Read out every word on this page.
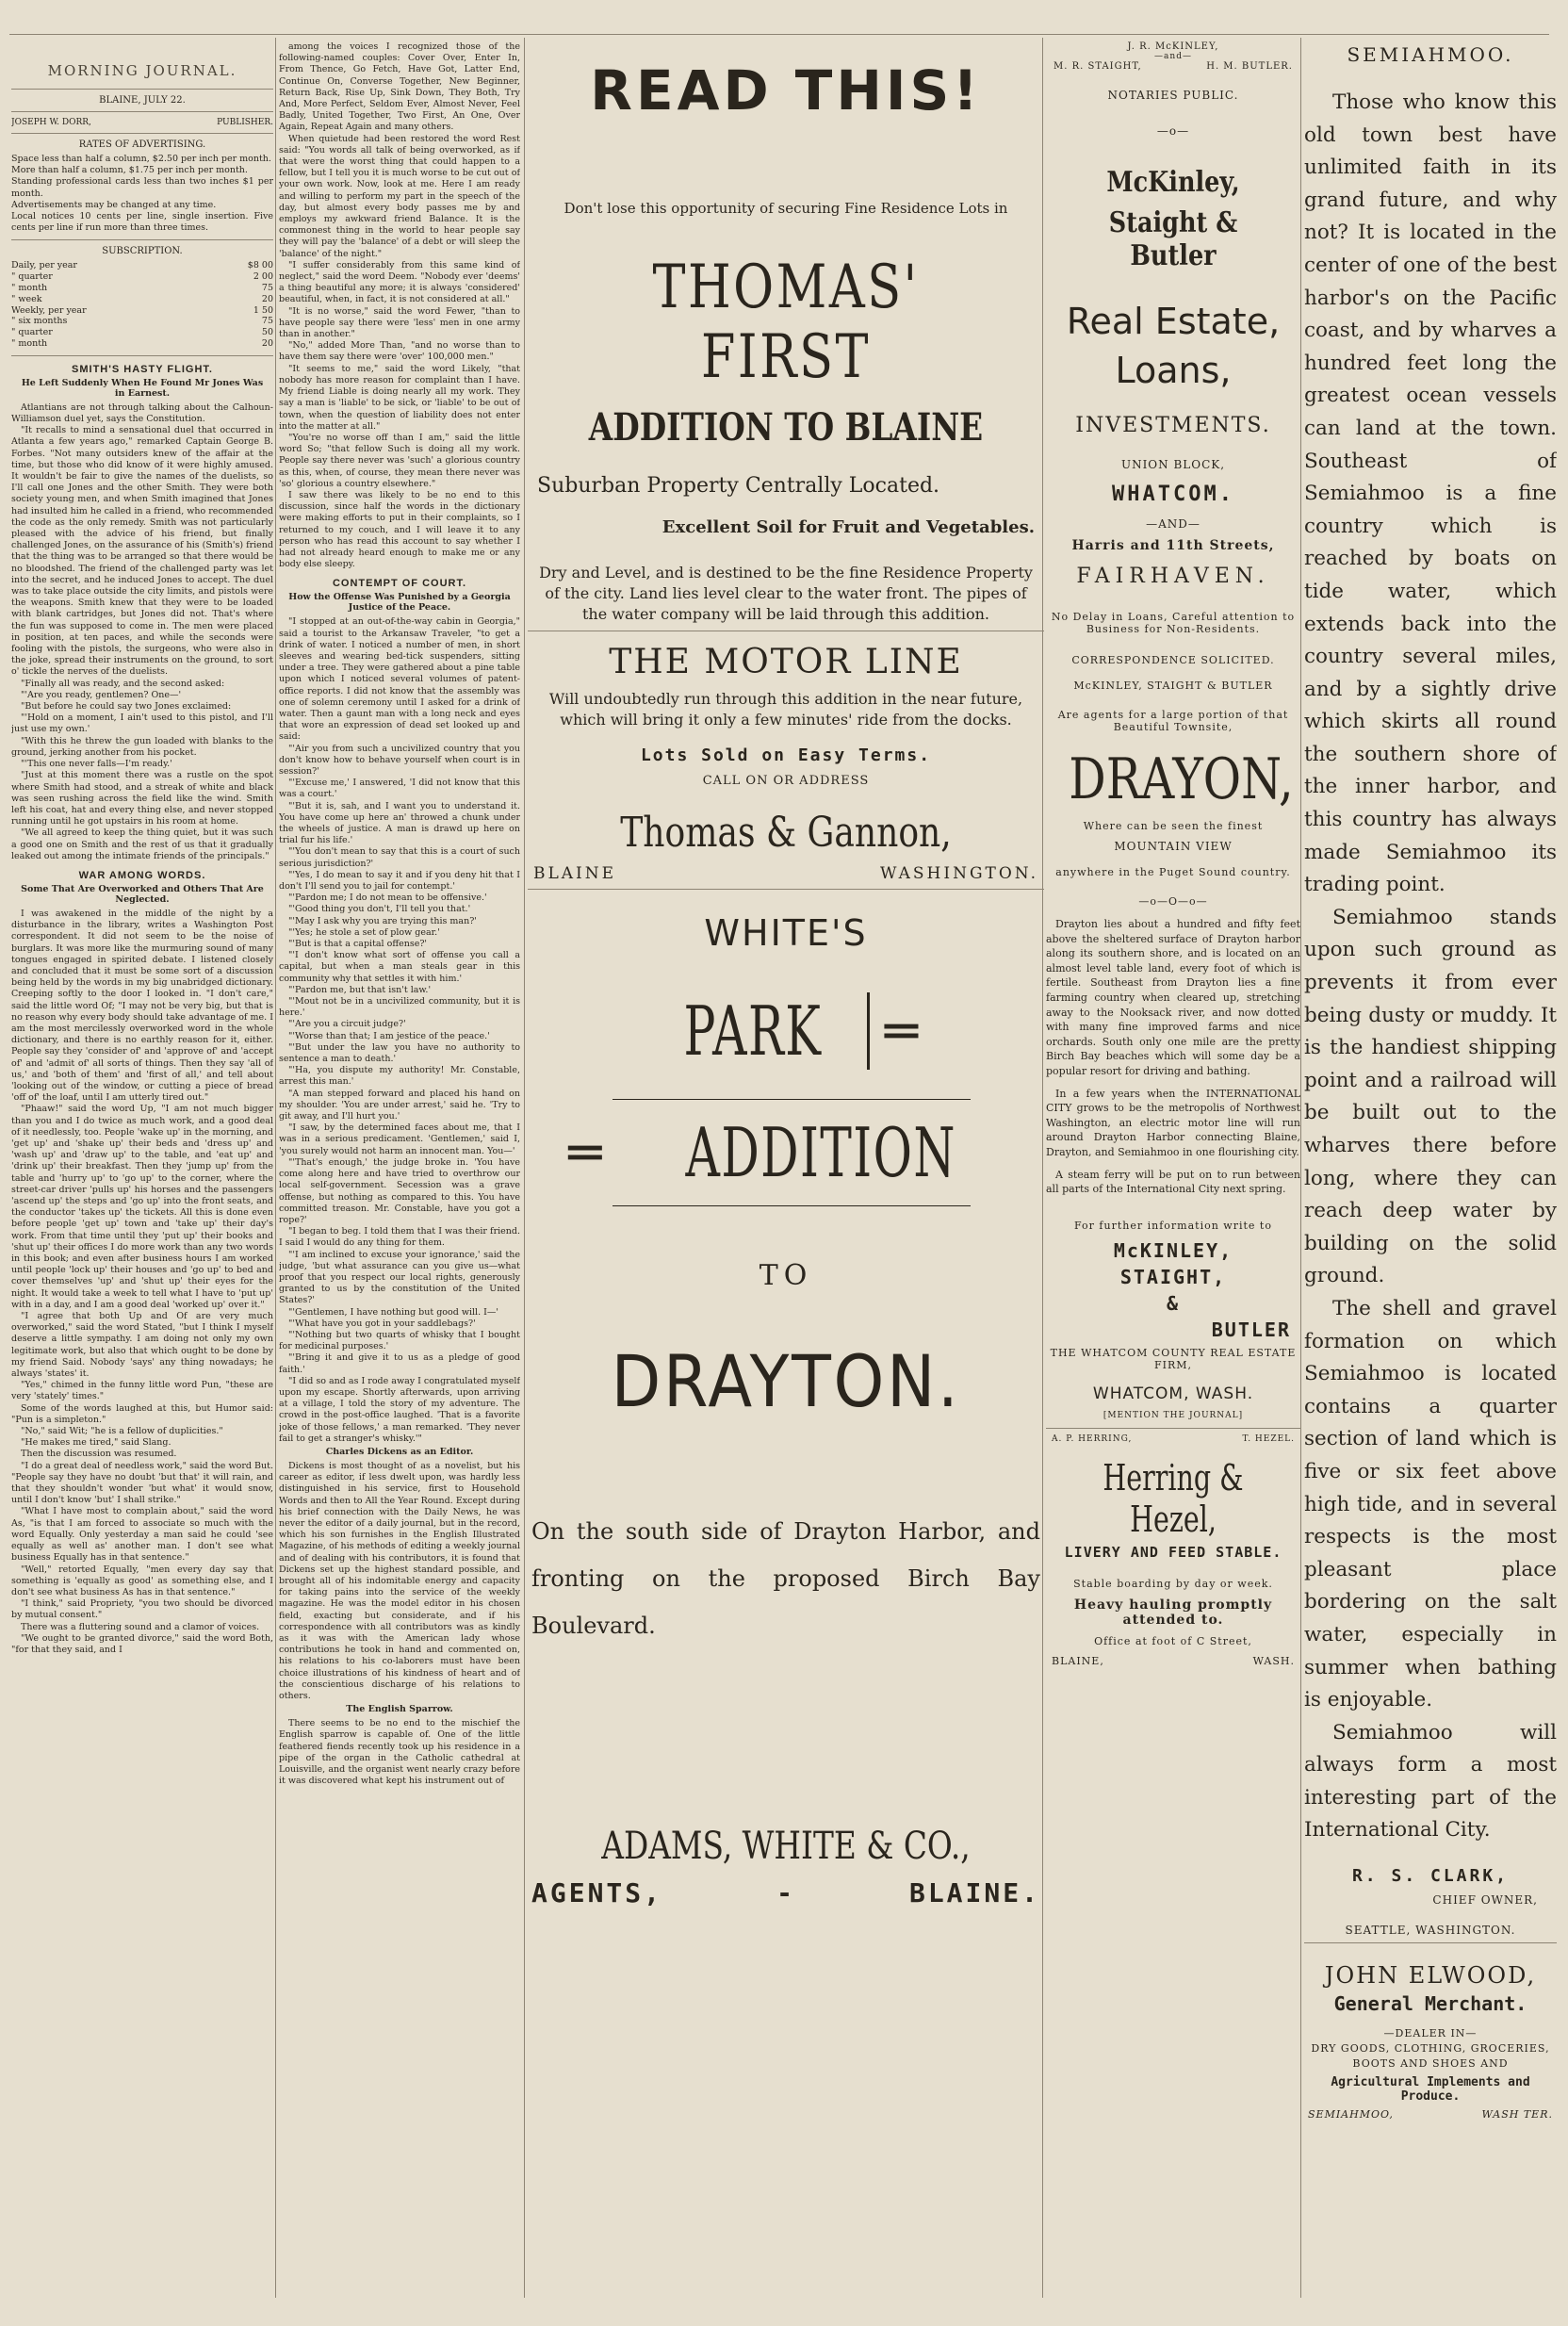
MORNING JOURNAL.
BLAINE, JULY 22.
JOSEPH W. DORR,	PUBLISHER.
RATES OF ADVERTISING.

Space less than half a column, $2.50 per inch per month.

More than half a column, $1.75 per inch per month.

Standing professional cards less than two inches $1 per month.

Advertisements may be changed at any time.

Local notices 10 cents per line, single insertion. Five cents per line if run more than three times.

SUBSCRIPTION.
Daily, per year	$8 00
" quarter	2 00
" month	75
" week	20
Weekly, per year	1 50
" six months	75
" quarter	50
" month	20
SMITH'S HASTY FLIGHT.
He Left Suddenly When He Found Mr Jones Was in Earnest.

Atlantians are not through talking about the Calhoun-Williamson duel yet, says the Constitution.

"It recalls to mind a sensational duel that occurred in Atlanta a few years ago," remarked Captain George B. Forbes. "Not many outsiders knew of the affair at the time, but those who did know of it were highly amused. It wouldn't be fair to give the names of the duelists, so I'll call one Jones and the other Smith. They were both society young men, and when Smith imagined that Jones had insulted him he called in a friend, who recommended the code as the only remedy. Smith was not particularly pleased with the advice of his friend, but finally challenged Jones, on the assurance of his (Smith's) friend that the thing was to be arranged so that there would be no bloodshed. The friend of the challenged party was let into the secret, and he induced Jones to accept. The duel was to take place outside the city limits, and pistols were the weapons. Smith knew that they were to be loaded with blank cartridges, but Jones did not. That's where the fun was supposed to come in. The men were placed in position, at ten paces, and while the seconds were fooling with the pistols, the surgeons, who were also in the joke, spread their instruments on the ground, to sort o' tickle the nerves of the duelists.

"Finally all was ready, and the second asked:

"'Are you ready, gentlemen? One—'

"But before he could say two Jones exclaimed:

"'Hold on a moment, I ain't used to this pistol, and I'll just use my own.'

"With this he threw the gun loaded with blanks to the ground, jerking another from his pocket.

"'This one never falls—I'm ready.'

"Just at this moment there was a rustle on the spot where Smith had stood, and a streak of white and black was seen rushing across the field like the wind. Smith left his coat, hat and every thing else, and never stopped running until he got upstairs in his room at home.

"We all agreed to keep the thing quiet, but it was such a good one on Smith and the rest of us that it gradually leaked out among the intimate friends of the principals."

WAR AMONG WORDS.
Some That Are Overworked and Others That Are Neglected.

I was awakened in the middle of the night by a disturbance in the library, writes a Washington Post correspondent. It did not seem to be the noise of burglars. It was more like the murmuring sound of many tongues engaged in spirited debate. I listened closely and concluded that it must be some sort of a discussion being held by the words in my big unabridged dictionary. Creeping softly to the door I looked in. "I don't care," said the little word Of; "I may not be very big, but that is no reason why every body should take advantage of me. I am the most mercilessly overworked word in the whole dictionary, and there is no earthly reason for it, either. People say they 'consider of' and 'approve of' and 'accept of' and 'admit of' all sorts of things. Then they say 'all of us,' and 'both of them' and 'first of all,' and tell about 'looking out of the window, or cutting a piece of bread 'off of' the loaf, until I am utterly tired out."

"Phaaw!" said the word Up, "I am not much bigger than you and I do twice as much work, and a good deal of it needlessly, too. People 'wake up' in the morning, and 'get up' and 'shake up' their beds and 'dress up' and 'wash up' and 'draw up' to the table, and 'eat up' and 'drink up' their breakfast. Then they 'jump up' from the table and 'hurry up' to 'go up' to the corner, where the street-car driver 'pulls up' his horses and the passengers 'ascend up' the steps and 'go up' into the front seats, and the conductor 'takes up' the tickets. All this is done even before people 'get up' town and 'take up' their day's work. From that time until they 'put up' their books and 'shut up' their offices I do more work than any two words in this book; and even after business hours I am worked until people 'lock up' their houses and 'go up' to bed and cover themselves 'up' and 'shut up' their eyes for the night. It would take a week to tell what I have to 'put up' with in a day, and I am a good deal 'worked up' over it."

"I agree that both Up and Of are very much overworked," said the word Stated, "but I think I myself deserve a little sympathy. I am doing not only my own legitimate work, but also that which ought to be done by my friend Said. Nobody 'says' any thing nowadays; he always 'states' it.

"Yes," chimed in the funny little word Pun, "these are very 'stately' times."

Some of the words laughed at this, but Humor said: "Pun is a simpleton."

"No," said Wit; "he is a fellow of duplicities."

"He makes me tired," said Slang.

Then the discussion was resumed.

"I do a great deal of needless work," said the word But. "People say they have no doubt 'but that' it will rain, and that they shouldn't wonder 'but what' it would snow, until I don't know 'but' I shall strike."

"What I have most to complain about," said the word As, "is that I am forced to associate so much with the word Equally. Only yesterday a man said he could 'see equally as well as' another man. I don't see what business Equally has in that sentence."

"Well," retorted Equally, "men every day say that something is 'equally as good' as something else, and I don't see what business As has in that sentence."

"I think," said Propriety, "you two should be divorced by mutual consent."

There was a fluttering sound and a clamor of voices.

"We ought to be granted divorce," said the word Both, "for that they said, and I

among the voices I recognized those of the following-named couples: Cover Over, Enter In, From Thence, Go Fetch, Have Got, Latter End, Continue On, Converse Together, New Beginner, Return Back, Rise Up, Sink Down, They Both, Try And, More Perfect, Seldom Ever, Almost Never, Feel Badly, United Together, Two First, An One, Over Again, Repeat Again and many others.

When quietude had been restored the word Rest said: "You words all talk of being overworked, as if that were the worst thing that could happen to a fellow, but I tell you it is much worse to be cut out of your own work. Now, look at me. Here I am ready and willing to perform my part in the speech of the day, but almost every body passes me by and employs my awkward friend Balance. It is the commonest thing in the world to hear people say they will pay the 'balance' of a debt or will sleep the 'balance' of the night."

"I suffer considerably from this same kind of neglect," said the word Deem. "Nobody ever 'deems' a thing beautiful any more; it is always 'considered' beautiful, when, in fact, it is not considered at all."

"It is no worse," said the word Fewer, "than to have people say there were 'less' men in one army than in another."

"No," added More Than, "and no worse than to have them say there were 'over' 100,000 men."

"It seems to me," said the word Likely, "that nobody has more reason for complaint than I have. My friend Liable is doing nearly all my work. They say a man is 'liable' to be sick, or 'liable' to be out of town, when the question of liability does not enter into the matter at all."

"You're no worse off than I am," said the little word So; "that fellow Such is doing all my work. People say there never was 'such' a glorious country as this, when, of course, they mean there never was 'so' glorious a country elsewhere."

I saw there was likely to be no end to this discussion, since half the words in the dictionary were making efforts to put in their complaints, so I returned to my couch, and I will leave it to any person who has read this account to say whether I had not already heard enough to make me or any body else sleepy.

CONTEMPT OF COURT.
How the Offense Was Punished by a Georgia Justice of the Peace.

"I stopped at an out-of-the-way cabin in Georgia," said a tourist to the Arkansaw Traveler, "to get a drink of water. I noticed a number of men, in short sleeves and wearing bed-tick suspenders, sitting under a tree. They were gathered about a pine table upon which I noticed several volumes of patent-office reports. I did not know that the assembly was one of solemn ceremony until I asked for a drink of water. Then a gaunt man with a long neck and eyes that wore an expression of dead set looked up and said:

"'Air you from such a uncivilized country that you don't know how to behave yourself when court is in session?'

"'Excuse me,' I answered, 'I did not know that this was a court.'

"'But it is, sah, and I want you to understand it. You have come up here an' throwed a chunk under the wheels of justice. A man is drawd up here on trial fur his life.'

"'You don't mean to say that this is a court of such serious jurisdiction?'

"'Yes, I do mean to say it and if you deny hit that I don't I'll send you to jail for contempt.'

"'Pardon me; I do not mean to be offensive.'

"'Good thing you don't, I'll tell you that.'

"'May I ask why you are trying this man?'

"'Yes; he stole a set of plow gear.'

"'But is that a capital offense?'

"'I don't know what sort of offense you call a capital, but when a man steals gear in this community why that settles it with him.'

"'Pardon me, but that isn't law.'

"'Mout not be in a uncivilized community, but it is here.'

"'Are you a circuit judge?'

"'Worse than that; I am jestice of the peace.'

"'But under the law you have no authority to sentence a man to death.'

"'Ha, you dispute my authority! Mr. Constable, arrest this man.'

"A man stepped forward and placed his hand on my shoulder. 'You are under arrest,' said he. 'Try to git away, and I'll hurt you.'

"I saw, by the determined faces about me, that I was in a serious predicament. 'Gentlemen,' said I, 'you surely would not harm an innocent man. You—'

"'That's enough,' the judge broke in. 'You have come along here and have tried to overthrow our local self-government. Secession was a grave offense, but nothing as compared to this. You have committed treason. Mr. Constable, have you got a rope?'

"I began to beg. I told them that I was their friend. I said I would do any thing for them.

"'I am inclined to excuse your ignorance,' said the judge, 'but what assurance can you give us—what proof that you respect our local rights, generously granted to us by the constitution of the United States?'

"'Gentlemen, I have nothing but good will. I—'

"'What have you got in your saddlebags?'

"'Nothing but two quarts of whisky that I bought for medicinal purposes.'

"'Bring it and give it to us as a pledge of good faith.'

"I did so and as I rode away I congratulated myself upon my escape. Shortly afterwards, upon arriving at a village, I told the story of my adventure. The crowd in the post-office laughed. 'That is a favorite joke of those fellows,' a man remarked. 'They never fail to get a stranger's whisky.'"

Charles Dickens as an Editor.

Dickens is most thought of as a novelist, but his career as editor, if less dwelt upon, was hardly less distinguished in his service, first to Household Words and then to All the Year Round. Except during his brief connection with the Daily News, he was never the editor of a daily journal, but in the record, which his son furnishes in the English Illustrated Magazine, of his methods of editing a weekly journal and of dealing with his contributors, it is found that Dickens set up the highest standard possible, and brought all of his indomitable energy and capacity for taking pains into the service of the weekly magazine. He was the model editor in his chosen field, exacting but considerate, and if his correspondence with all contributors was as kindly as it was with the American lady whose contributions he took in hand and commented on, his relations to his co-laborers must have been choice illustrations of his kindness of heart and of the conscientious discharge of his relations to others.

The English Sparrow.

There seems to be no end to the mischief the English sparrow is capable of. One of the little feathered fiends recently took up his residence in a pipe of the organ in the Catholic cathedral at Louisville, and the organist went nearly crazy before it was discovered what kept his instrument out of

READ THIS!
Don't lose this opportunity of securing Fine Residence Lots in
THOMAS' FIRST
ADDITION TO BLAINE
Suburban Property Centrally Located.
Excellent Soil for Fruit and Vegetables.
Dry and Level, and is destined to be the fine Residence Property of the city. Land lies level clear to the water front. The pipes of the water company will be laid through this addition.
THE MOTOR LINE
Will undoubtedly run through this addition in the near future, which will bring it only a few minutes' ride from the docks.
Lots Sold on Easy Terms.
CALL ON OR ADDRESS
Thomas & Gannon,
BLAINE	WASHINGTON.
WHITE'S
PARK ═
═ ADDITION
TO
DRAYTON.
On the south side of Drayton Harbor, and fronting on the proposed Birch Bay Boulevard.
ADAMS, WHITE & CO.,
AGENTS,	-	BLAINE.
J. R. McKINLEY,
—and—
M. R. STAIGHT,	H. M. BUTLER.
NOTARIES PUBLIC.
—o—
McKinley,
Staight & Butler
Real Estate,
Loans,
INVESTMENTS.
UNION BLOCK,
WHATCOM.
—AND—
Harris and 11th Streets,
FAIRHAVEN.
No Delay in Loans, Careful attention to Business for Non-Residents.
CORRESPONDENCE SOLICITED.
McKINLEY, STAIGHT & BUTLER
Are agents for a large portion of that Beautiful Townsite,
DRAYON,
Where can be seen the finest
MOUNTAIN VIEW
anywhere in the Puget Sound country.
—o—O—o—

Drayton lies about a hundred and fifty feet above the sheltered surface of Drayton harbor along its southern shore, and is located on an almost level table land, every foot of which is fertile. Southeast from Drayton lies a fine farming country when cleared up, stretching away to the Nooksack river, and now dotted with many fine improved farms and nice orchards. South only one mile are the pretty Birch Bay beaches which will some day be a popular resort for driving and bathing.

In a few years when the INTERNATIONAL CITY grows to be the metropolis of Northwest Washington, an electric motor line will run around Drayton Harbor connecting Blaine, Drayton, and Semiahmoo in one flourishing city.

A steam ferry will be put on to run between all parts of the International City next spring.

For further information write to
McKINLEY,
STAIGHT,
&
BUTLER
THE WHATCOM COUNTY REAL ESTATE FIRM,
WHATCOM, WASH.
[MENTION THE JOURNAL]
A. P. HERRING,	T. HEZEL.
Herring & Hezel,
LIVERY AND FEED STABLE.
Stable boarding by day or week.
Heavy hauling promptly attended to.
Office at foot of C Street,
BLAINE,	WASH.
SEMIAHMOO.

Those who know this old town best have unlimited faith in its grand future, and why not? It is located in the center of one of the best harbor's on the Pacific coast, and by wharves a hundred feet long the greatest ocean vessels can land at the town. Southeast of Semiahmoo is a fine country which is reached by boats on tide water, which extends back into the country several miles, and by a sightly drive which skirts all round the southern shore of the inner harbor, and this country has always made Semiahmoo its trading point.

Semiahmoo stands upon such ground as prevents it from ever being dusty or muddy. It is the handiest shipping point and a railroad will be built out to the wharves there before long, where they can reach deep water by building on the solid ground.

The shell and gravel formation on which Semiahmoo is located contains a quarter section of land which is five or six feet above high tide, and in several respects is the most pleasant place bordering on the salt water, especially in summer when bathing is enjoyable.

Semiahmoo will always form a most interesting part of the International City.

R. S. CLARK,
CHIEF OWNER,
SEATTLE, WASHINGTON.
JOHN ELWOOD,
General Merchant.
—DEALER IN—
DRY GOODS, CLOTHING, GROCERIES, BOOTS AND SHOES AND
Agricultural Implements and Produce.
SEMIAHMOO,	WASH TER.
